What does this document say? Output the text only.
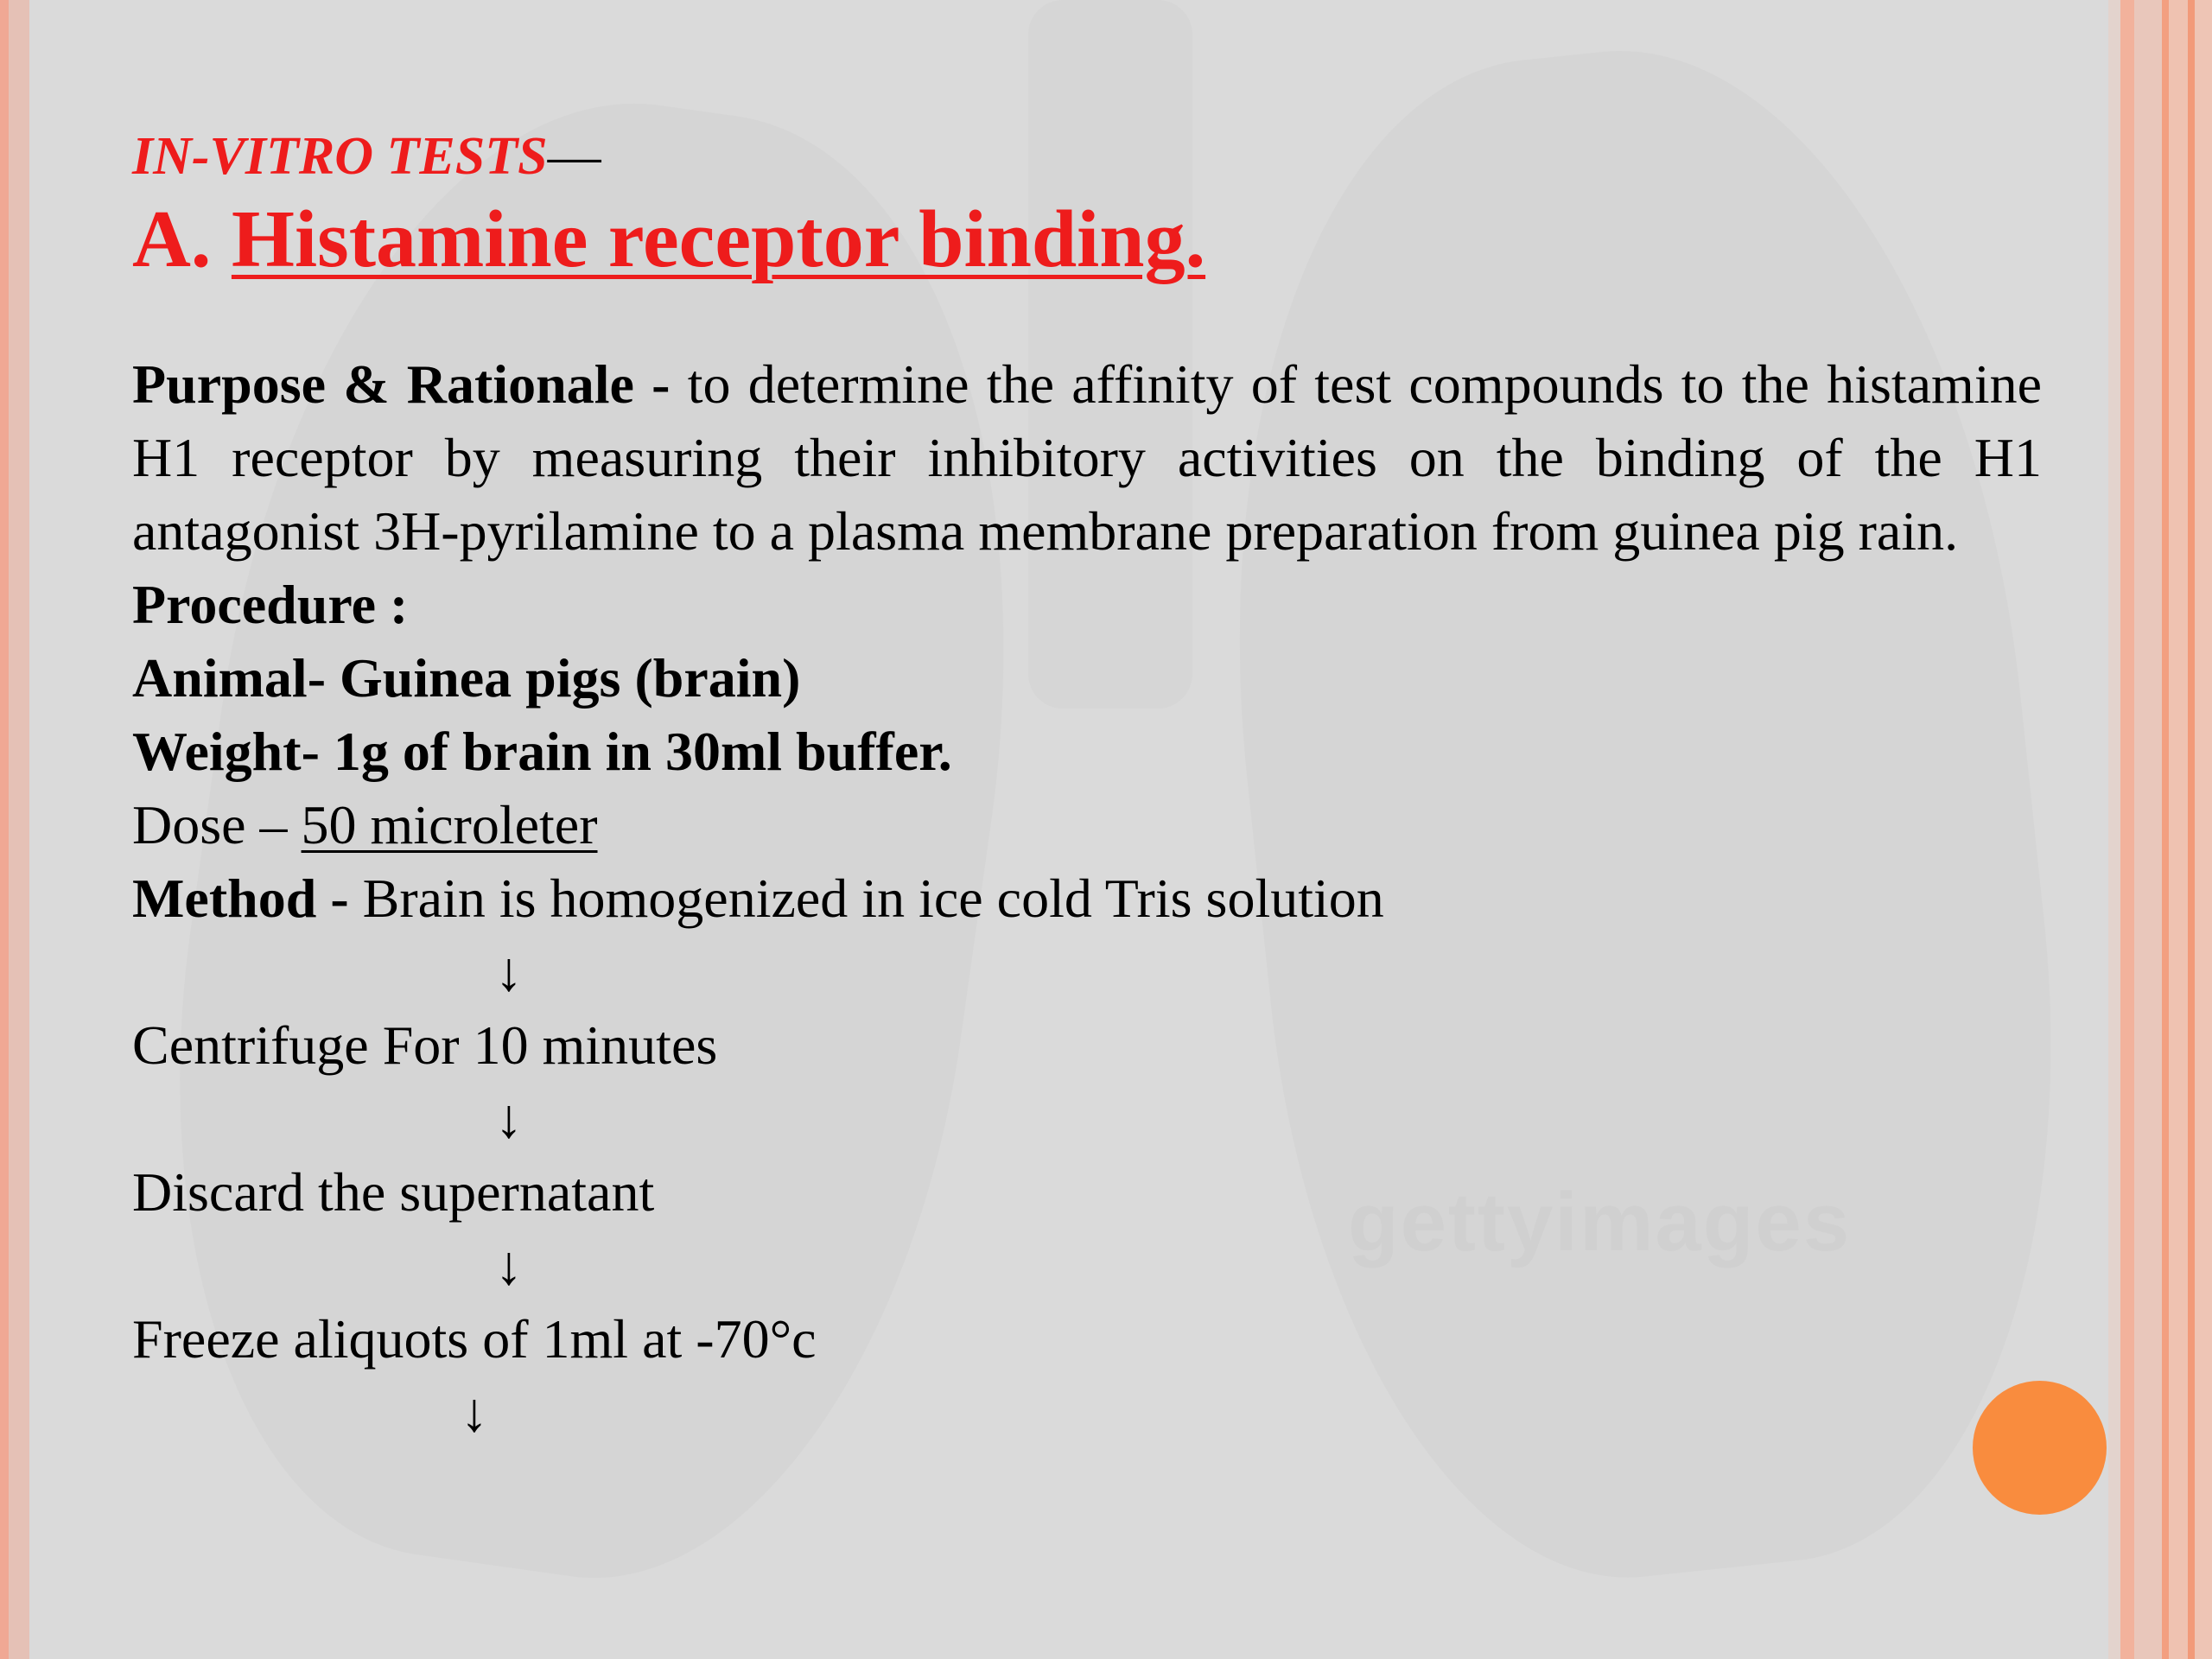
gettyimages
IN-VITRO TESTS—
A. Histamine receptor binding.
Purpose & Rationale - to determine the affinity of test compounds to the histamine H1 receptor by measuring their inhibitory activities on the binding of the H1 antagonist 3H-pyrilamine to a plasma membrane preparation from guinea pig rain.
Procedure :
Animal- Guinea pigs (brain)
Weight- 1g of brain in 30ml buffer.
Dose – 50 microleter
Method - Brain is homogenized in ice cold Tris solution
↓
Centrifuge For 10 minutes
↓
Discard the supernatant
↓
Freeze aliquots of 1ml at -70°c
↓
